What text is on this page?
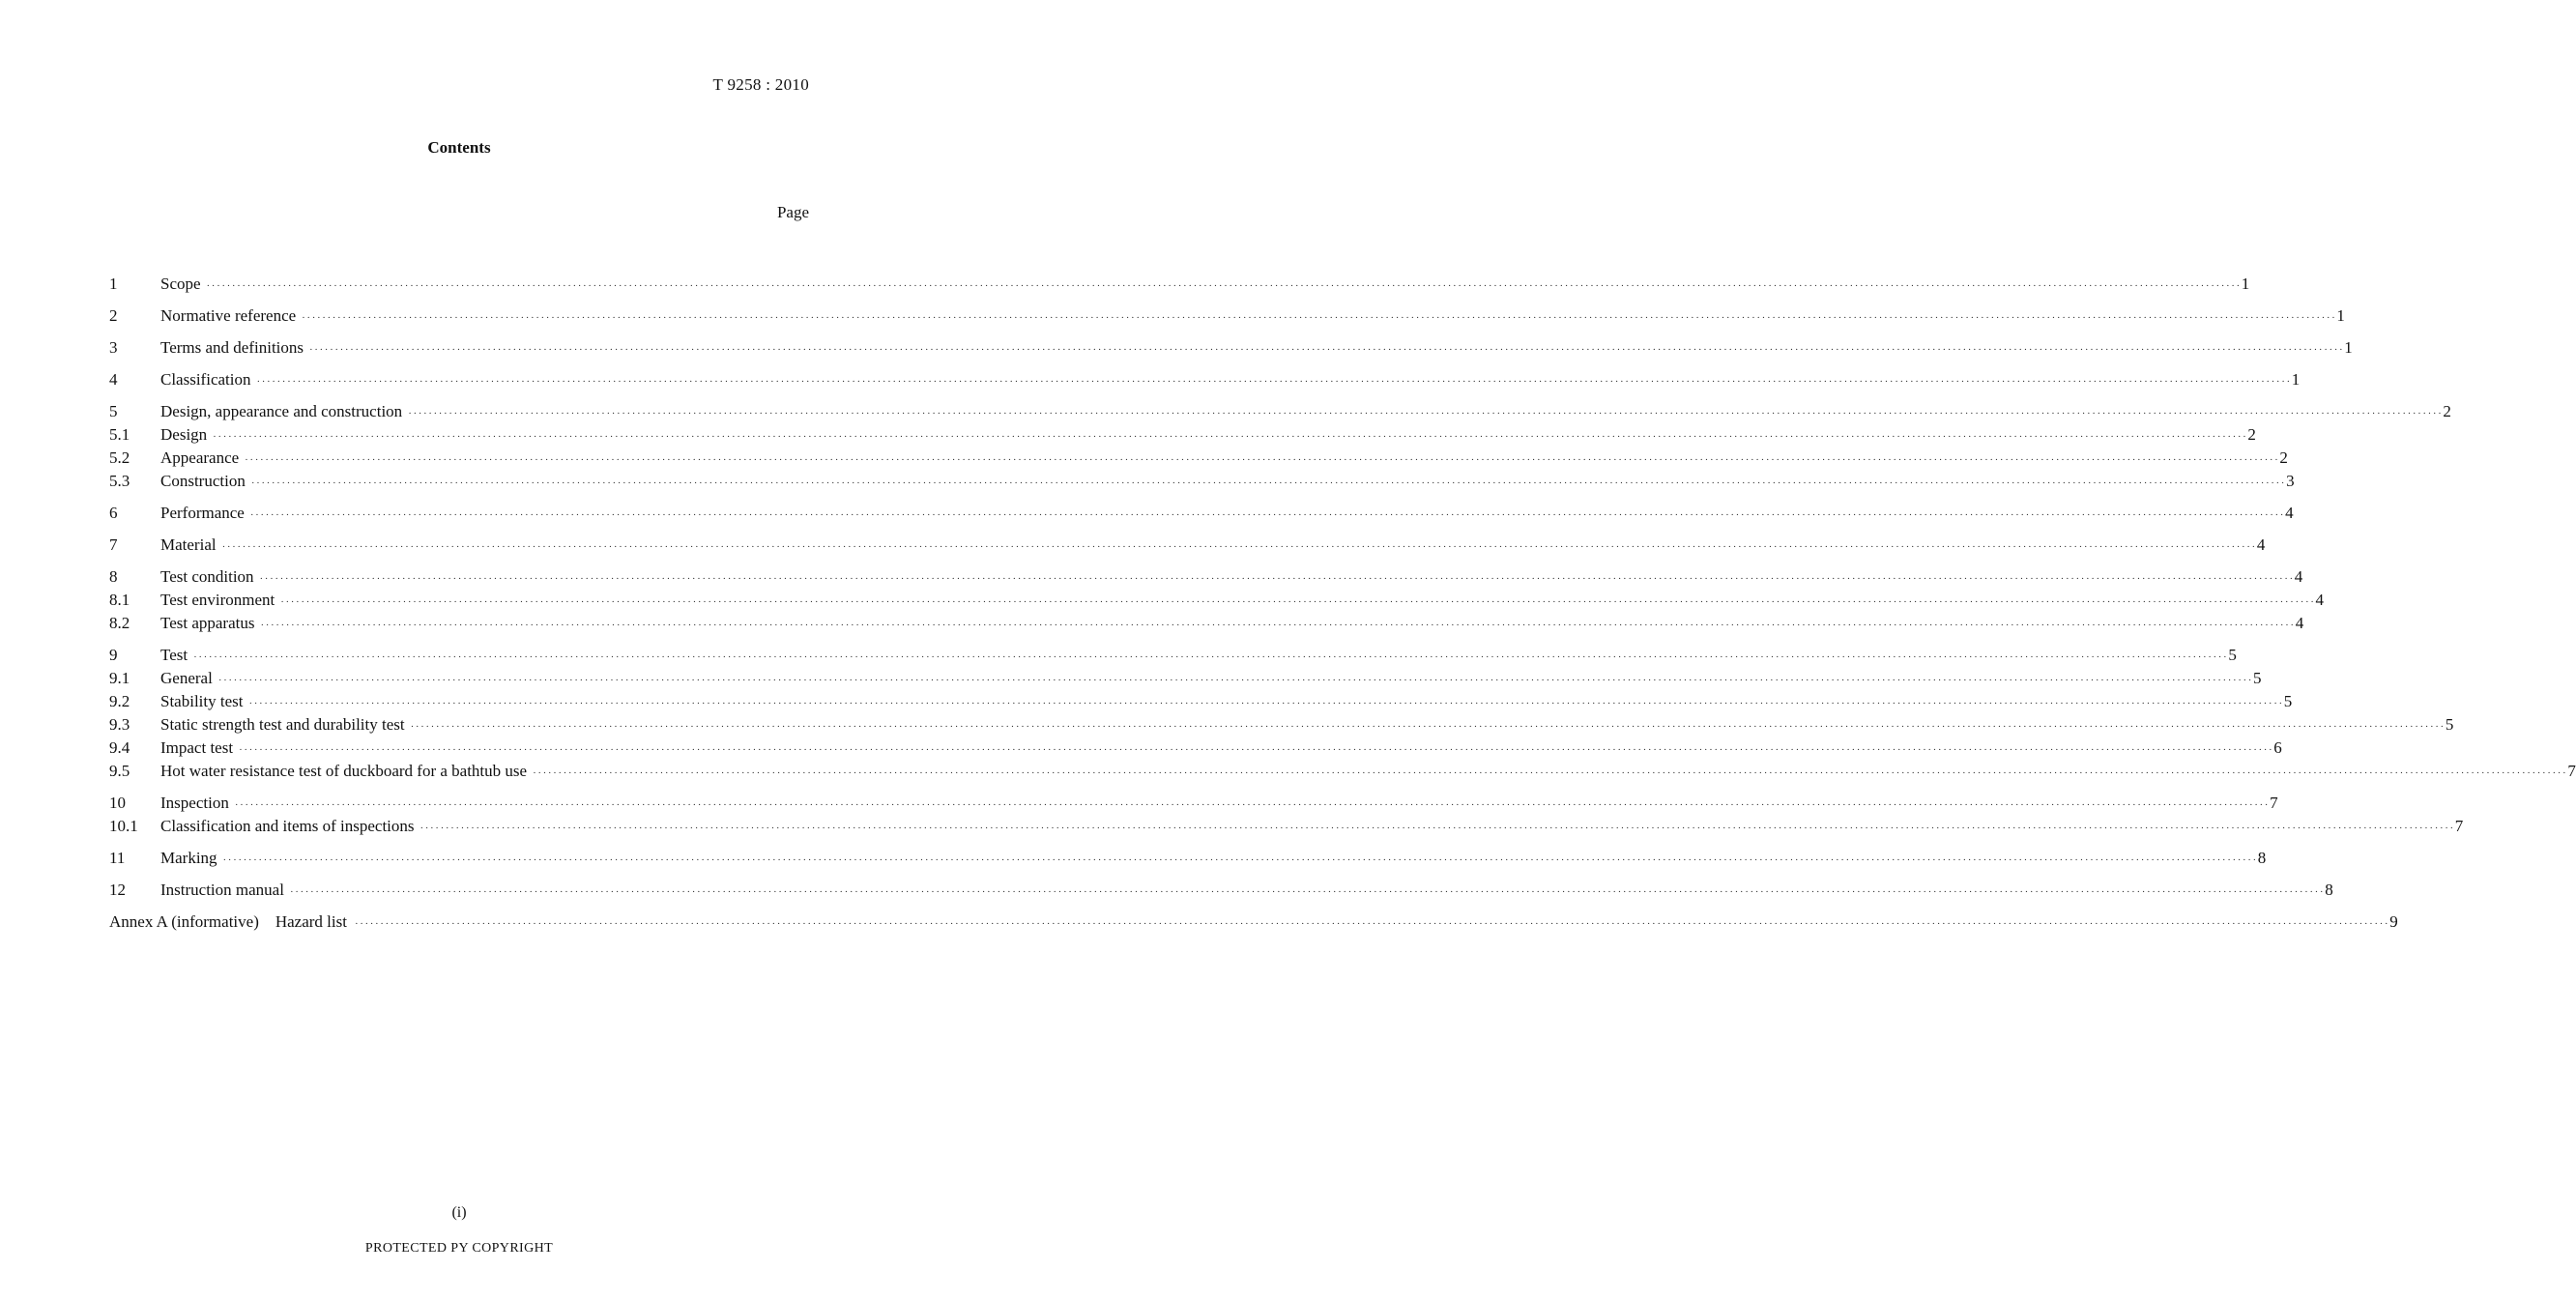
T 9258 : 2010
Contents
Page
1	Scope ················································································································································································································································································································································································································ 1
2	Normative reference ················································································································································································································································································································································································································ 1
3	Terms and definitions ················································································································································································································································································································································································································ 1
4	Classification ················································································································································································································································································································································································································ 1
5	Design, appearance and construction ················································································································································································································································································································································································································ 2
5.1	Design ················································································································································································································································································································································································································ 2
5.2	Appearance ················································································································································································································································································································································································································ 2
5.3	Construction ················································································································································································································································································································································································································ 3
6	Performance ················································································································································································································································································································································································································ 4
7	Material ················································································································································································································································································································································································································ 4
8	Test condition ················································································································································································································································································································································································································ 4
8.1	Test environment ················································································································································································································································································································································································································ 4
8.2	Test apparatus ················································································································································································································································································································································································································ 4
9	Test ················································································································································································································································································································································································································ 5
9.1	General ················································································································································································································································································································································································································ 5
9.2	Stability test ················································································································································································································································································································································································································ 5
9.3	Static strength test and durability test ················································································································································································································································································································································································································ 5
9.4	Impact test ················································································································································································································································································································································································································ 6
9.5	Hot water resistance test of duckboard for a bathtub use ················································································································································································································································································································································································································ 7
10	Inspection ················································································································································································································································································································································································································ 7
10.1	Classification and items of inspections ················································································································································································································································································································································································································ 7
11	Marking ················································································································································································································································································································································································································ 8
12	Instruction manual ················································································································································································································································································································································································································ 8
Annex A (informative) Hazard list ················································································································································································································································································································································································································ 9
(i)
PROTECTED PY COPYRIGHT
